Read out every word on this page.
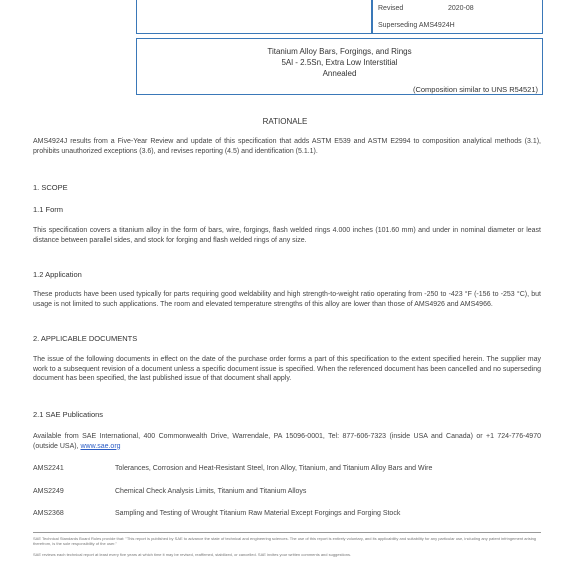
Revised	2020-08
Superseding AMS4924H
Titanium Alloy Bars, Forgings, and Rings
5Al - 2.5Sn, Extra Low Interstitial
Annealed
(Composition similar to UNS R54521)
RATIONALE
AMS4924J results from a Five-Year Review and update of this specification that adds ASTM E539 and ASTM E2994 to composition analytical methods (3.1), prohibits unauthorized exceptions (3.6), and revises reporting (4.5) and identification (5.1.1).
1. SCOPE
1.1 Form
This specification covers a titanium alloy in the form of bars, wire, forgings, flash welded rings 4.000 inches (101.60 mm) and under in nominal diameter or least distance between parallel sides, and stock for forging and flash welded rings of any size.
1.2 Application
These products have been used typically for parts requiring good weldability and high strength-to-weight ratio operating from -250 to -423 °F (-156 to -253 °C), but usage is not limited to such applications. The room and elevated temperature strengths of this alloy are lower than those of AMS4926 and AMS4966.
2. APPLICABLE DOCUMENTS
The issue of the following documents in effect on the date of the purchase order forms a part of this specification to the extent specified herein. The supplier may work to a subsequent revision of a document unless a specific document issue is specified. When the referenced document has been cancelled and no superseding document has been specified, the last published issue of that document shall apply.
2.1 SAE Publications
Available from SAE International, 400 Commonwealth Drive, Warrendale, PA 15096-0001, Tel: 877-606-7323 (inside USA and Canada) or +1 724-776-4970 (outside USA), www.sae.org
AMS2241	Tolerances, Corrosion and Heat-Resistant Steel, Iron Alloy, Titanium, and Titanium Alloy Bars and Wire
AMS2249	Chemical Check Analysis Limits, Titanium and Titanium Alloys
AMS2368	Sampling and Testing of Wrought Titanium Raw Material Except Forgings and Forging Stock
SAE Technical Standards Board Rules provide that: "This report is published by SAE to advance the state of technical and engineering sciences. The use of this report is entirely voluntary, and its applicability and suitability for any particular use, including any patent infringement arising therefrom, is the sole responsibility of the user."
SAE reviews each technical report at least every five years at which time it may be revised, reaffirmed, stabilized, or cancelled. SAE invites your written comments and suggestions.
